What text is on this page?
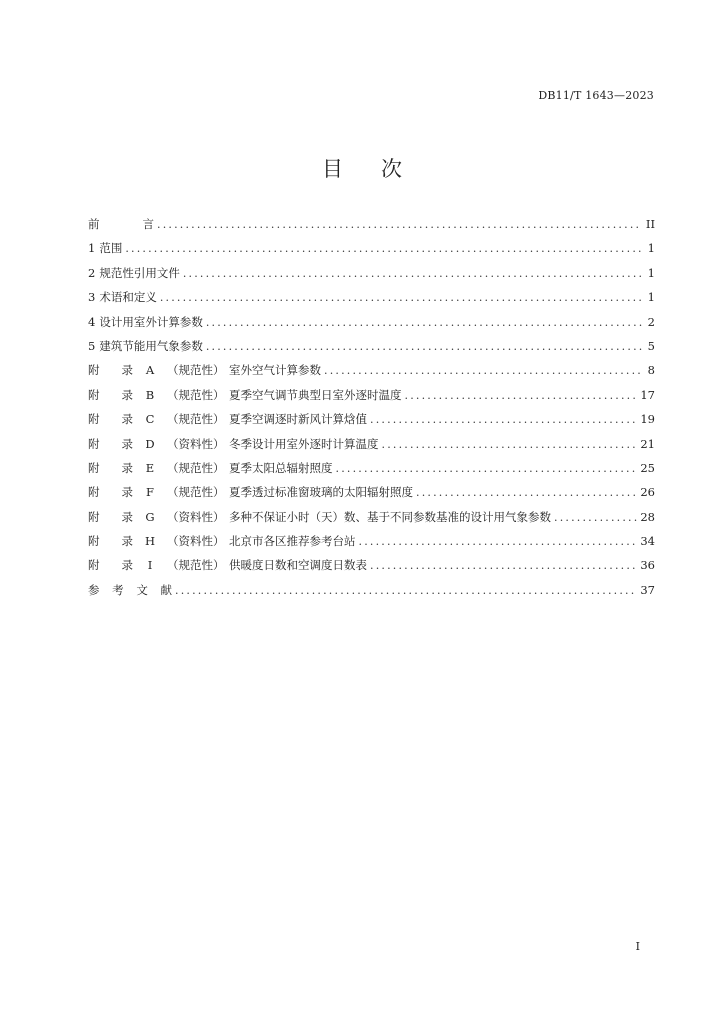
DB11/T 1643—2023
目次
前言 .....	II
1 范围 .....	1
2 规范性引用文件 .....	1
3 术语和定义 .....	1
4 设计用室外计算参数 .....	2
5 建筑节能用气象参数 .....	5
附录	A	（规范性） 室外空气计算参数 .....	8
附录	B	（规范性） 夏季空气调节典型日室外逐时温度 .....	17
附录	C	（规范性） 夏季空调逐时新风计算焓值 .....	19
附录	D	（资料性） 冬季设计用室外逐时计算温度 .....	21
附录	E	（规范性） 夏季太阳总辐射照度 .....	25
附录	F	（规范性） 夏季透过标准窗玻璃的太阳辐射照度 .....	26
附录	G	（资料性） 多种不保证小时（天）数、基于不同参数基准的设计用气象参数 .....	28
附录	H	（资料性） 北京市各区推荐参考台站 .....	34
附录	I	（规范性） 供暖度日数和空调度日数表 .....	36
参考文献 .....	37
I
